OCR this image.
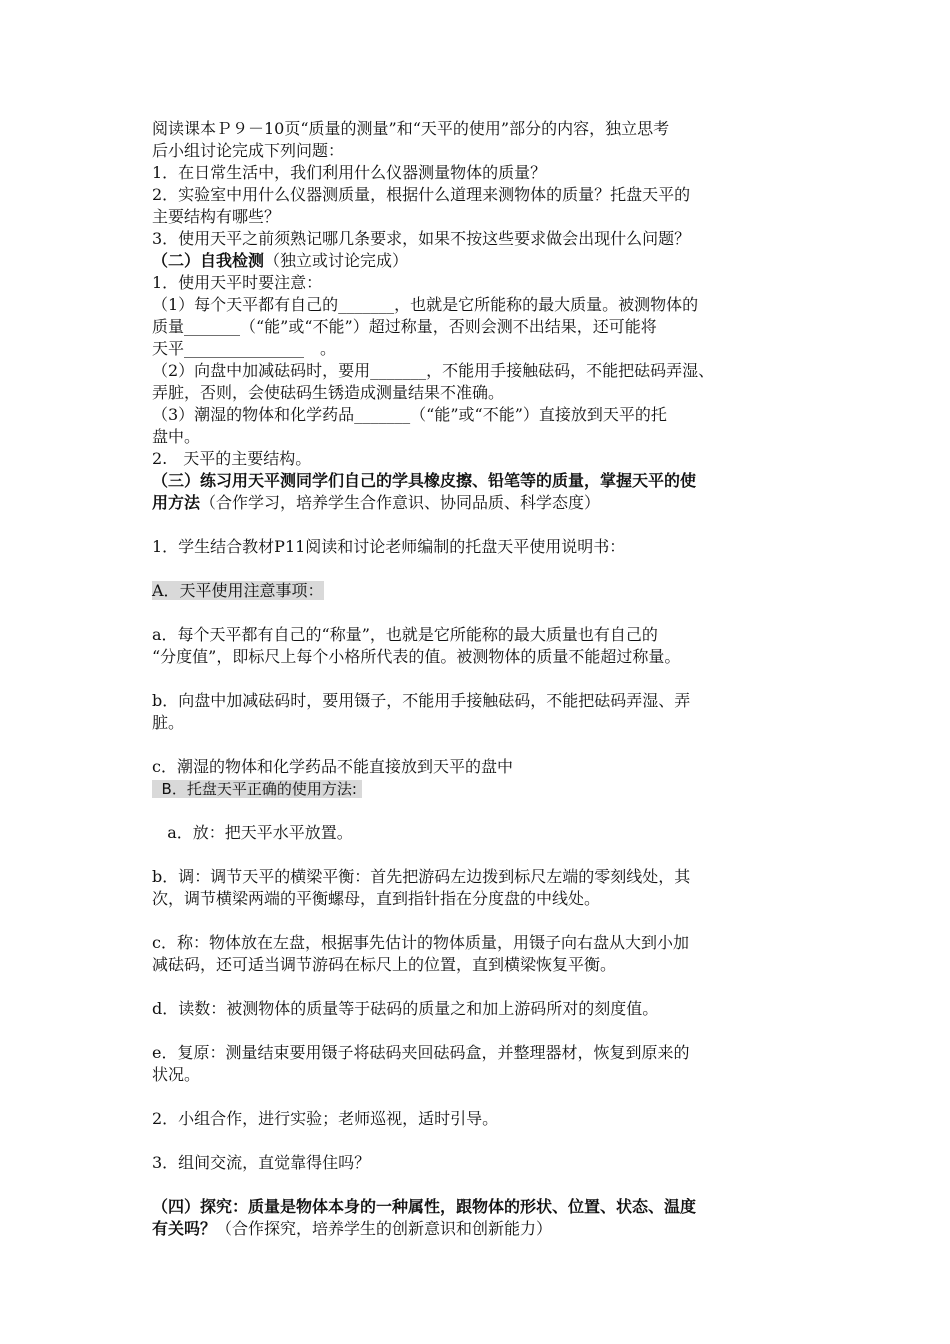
阅读课本Ｐ９－10页“质量的测量”和“天平的使用”部分的内容，独立思考
后小组讨论完成下列问题：
1．在日常生活中，我们利用什么仪器测量物体的质量？
2．实验室中用什么仪器测质量，根据什么道理来测物体的质量？托盘天平的
主要结构有哪些？
3．使用天平之前须熟记哪几条要求，如果不按这些要求做会出现什么问题？
（二）自我检测（独立或讨论完成）
1．使用天平时要注意：
（1）每个天平都有自己的_______，也就是它所能称的最大质量。被测物体的
质量_______（“能”或“不能”）超过称量，否则会测不出结果，还可能将
天平_______________　。
（2）向盘中加减砝码时，要用_______，不能用手接触砝码，不能把砝码弄湿、
弄脏，否则，会使砝码生锈造成测量结果不准确。
（3）潮湿的物体和化学药品_______（“能”或“不能”）直接放到天平的托
盘中。
2.　天平的主要结构。
（三）练习用天平测同学们自己的学具橡皮擦、铅笔等的质量，掌握天平的使
用方法（合作学习，培养学生合作意识、协同品质、科学态度）
1．学生结合教材P11阅读和讨论老师编制的托盘天平使用说明书：
A．天平使用注意事项：
a．每个天平都有自己的“称量”，也就是它所能称的最大质量也有自己的
“分度值”，即标尺上每个小格所代表的值。被测物体的质量不能超过称量。
b．向盘中加减砝码时，要用镊子，不能用手接触砝码，不能把砝码弄湿、弄
脏。
c．潮湿的物体和化学药品不能直接放到天平的盘中
B．托盘天平正确的使用方法:
a．放：把天平水平放置。
b．调：调节天平的横梁平衡：首先把游码左边拨到标尺左端的零刻线处，其
次，调节横梁两端的平衡螺母，直到指针指在分度盘的中线处。
c．称：物体放在左盘，根据事先估计的物体质量，用镊子向右盘从大到小加
减砝码，还可适当调节游码在标尺上的位置，直到横梁恢复平衡。
d．读数：被测物体的质量等于砝码的质量之和加上游码所对的刻度值。
e．复原：测量结束要用镊子将砝码夹回砝码盒，并整理器材，恢复到原来的
状况。
2．小组合作，进行实验；老师巡视，适时引导。
3．组间交流，直觉靠得住吗？
（四）探究：质量是物体本身的一种属性，跟物体的形状、位置、状态、温度
有关吗？（合作探究，培养学生的创新意识和创新能力）
